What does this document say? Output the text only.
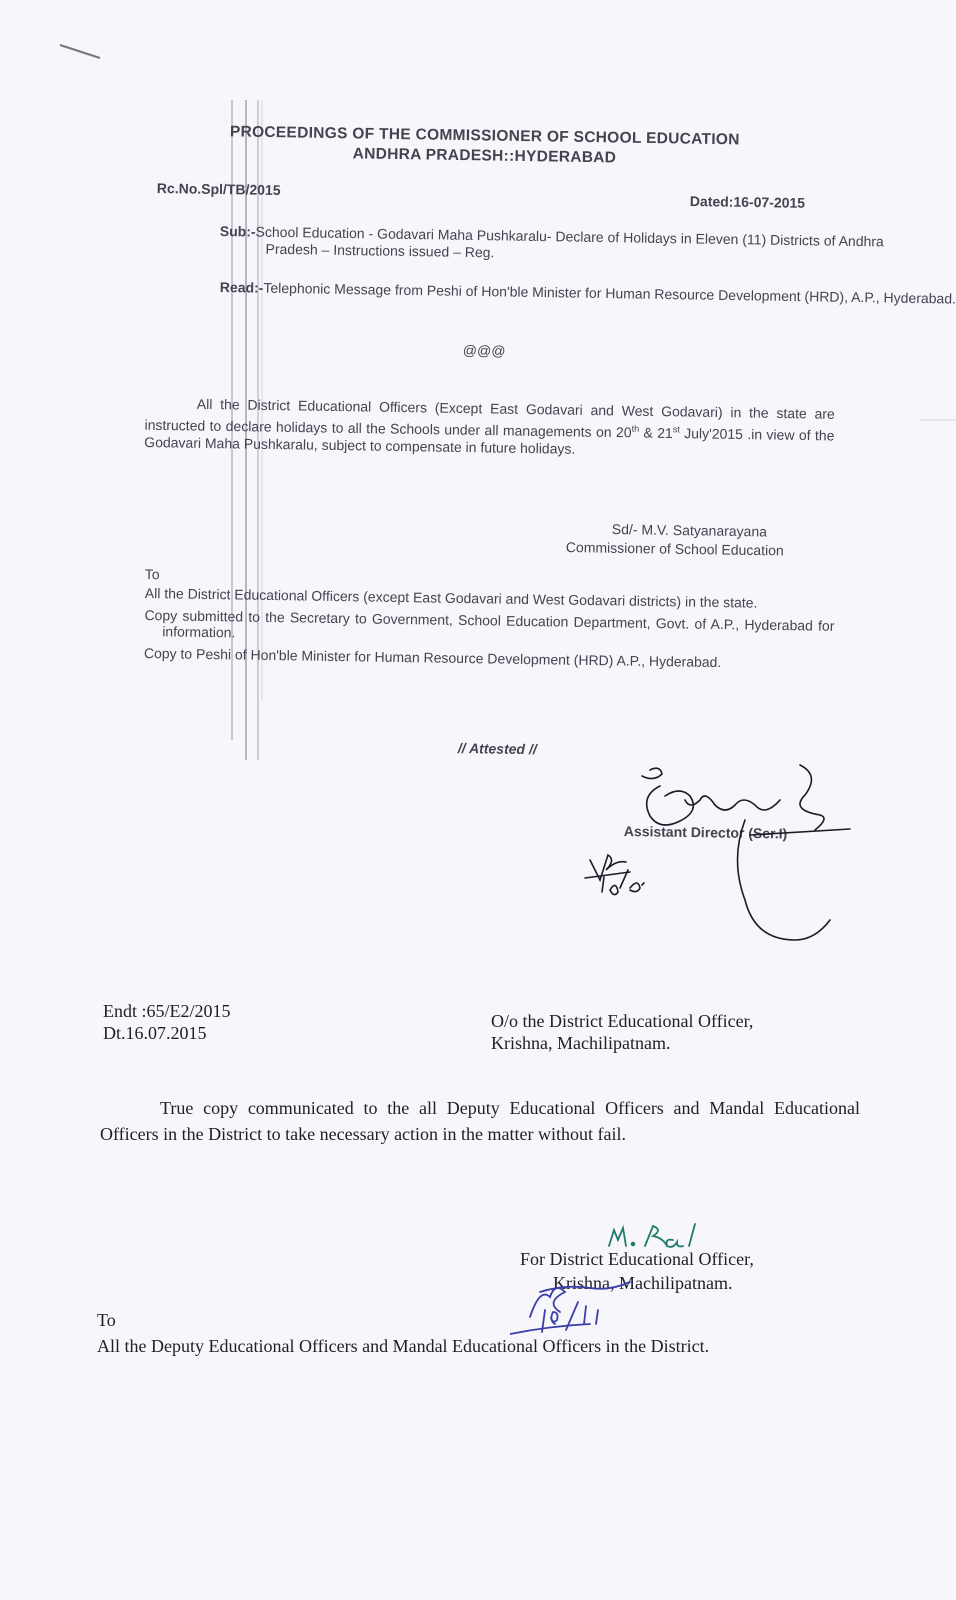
PROCEEDINGS OF THE COMMISSIONER OF SCHOOL EDUCATION
ANDHRA PRADESH::HYDERABAD
Rc.No.Spl/TB/2015
Dated:16-07-2015
Sub:-School Education - Godavari Maha Pushkaralu- Declare of Holidays in Eleven (11) Districts of Andhra Pradesh – Instructions issued – Reg.
Read:-Telephonic Message from Peshi of Hon'ble Minister for Human Resource Development (HRD), A.P., Hyderabad.
@@@
All the District Educational Officers (Except East Godavari and West Godavari) in the state are instructed to declare holidays to all the Schools under all managements on 20th & 21st July'2015 .in view of the Godavari Maha Pushkaralu, subject to compensate in future holidays.
Sd/- M.V. Satyanarayana
Commissioner of School Education
To

All the District Educational Officers (except East Godavari and West Godavari districts) in the state.

Copy submitted to the Secretary to Government, School Education Department, Govt. of A.P., Hyderabad for information.

Copy to Peshi of Hon'ble Minister for Human Resource Development (HRD) A.P., Hyderabad.

// Attested //
Assistant Director (Ser.I)
Endt :65/E2/2015
Dt.16.07.2015
O/o the District Educational Officer,
Krishna, Machilipatnam.
True copy communicated to the all Deputy Educational Officers and Mandal Educational Officers in the District to take necessary action in the matter without fail.
For District Educational Officer,
Krishna, Machilipatnam.
To
All the Deputy Educational Officers and Mandal Educational Officers in the District.
